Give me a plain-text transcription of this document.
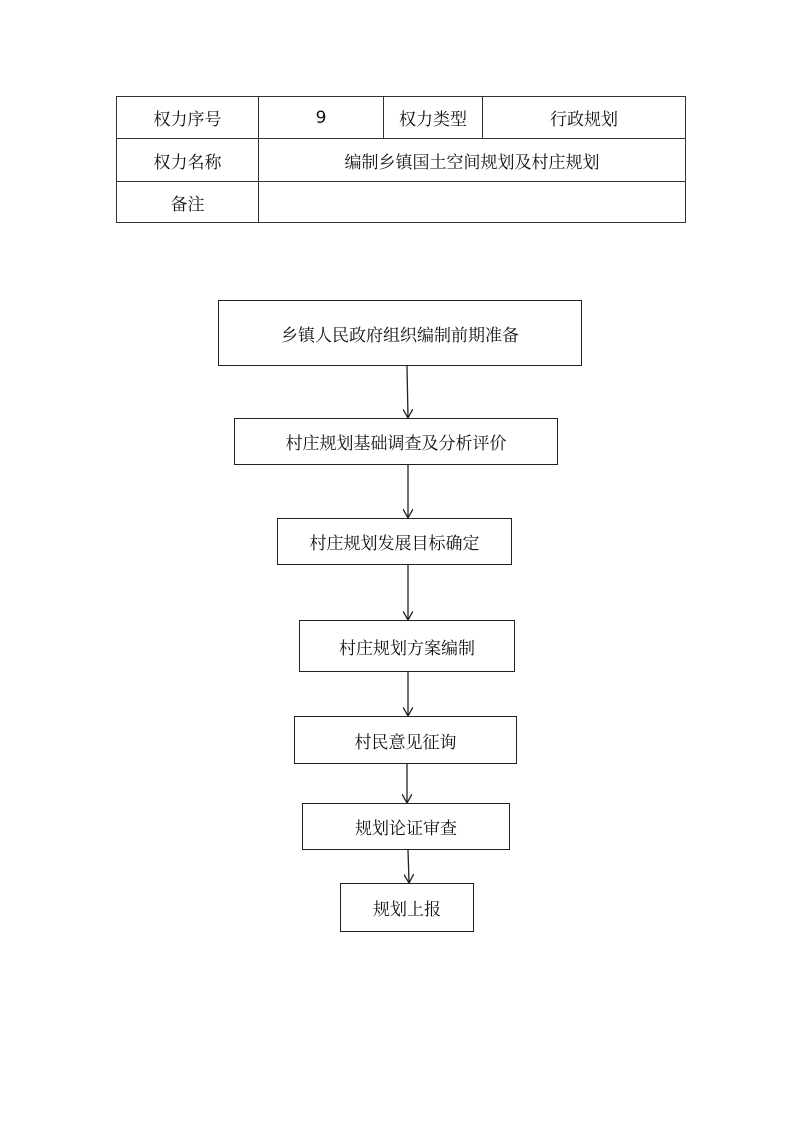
权力序号	9	权力类型	行政规划
权力名称	编制乡镇国土空间规划及村庄规划		
备注			
乡镇人民政府组织编制前期准备
村庄规划基础调查及分析评价
村庄规划发展目标确定
村庄规划方案编制
村民意见征询
规划论证审查
规划上报
